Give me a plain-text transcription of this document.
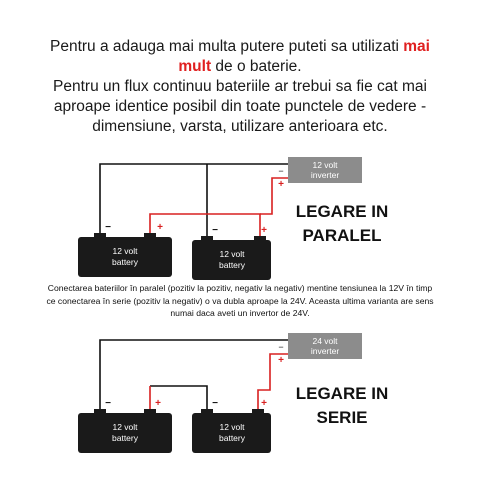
Pentru a adauga mai multa putere puteti sa utilizati mai

mult de o baterie.

Pentru un flux continuu bateriile ar trebui sa fie cat mai

aproape identice posibil din toate punctele de vedere -

dimensiune, varsta, utilizare anterioara etc.

12 volt
inverter
−
+
12 volt
battery
−	+
12 volt
battery
−	+
LEGARE IN
PARALEL

Conectarea bateriilor în paralel (pozitiv la pozitiv, negativ la negativ) mentine tensiunea la 12V în timp

ce conectarea în serie (pozitiv la negativ) o va dubla aproape la 24V. Aceasta ultima varianta are sens

numai daca aveti un invertor de 24V.

24 volt
inverter
−
+
12 volt
battery
−	+
12 volt
battery
−	+
LEGARE IN
SERIE
